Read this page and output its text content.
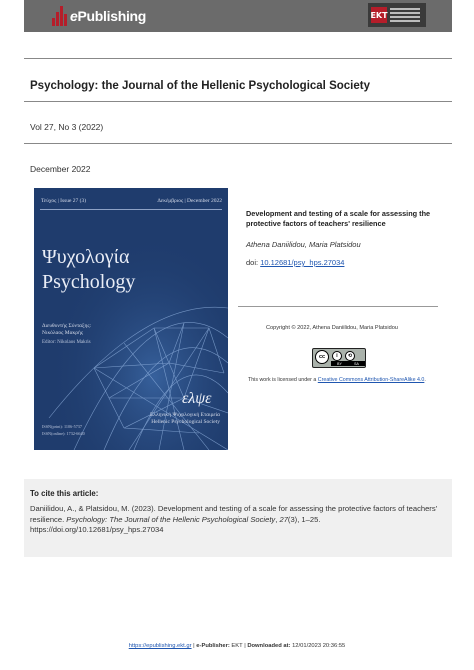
ePublishing	EKT
Psychology: the Journal of the Hellenic Psychological Society
Vol 27, No 3 (2022)
December 2022
Τεύχος | Issue 27 (3)	Δεκέμβριος | December 2022
Ψυχολογία
Psychology
Διευθυντής Σύνταξης:
Νικόλαος Μακρής
Editor: Nikolaos Makris
ελψε
Ελληνική Ψυχολογική Εταιρεία
Hellenic Psychological Society
ISSN(print): 1106-5737
ISSN(online): 1732-6640
Development and testing of a scale for assessing the protective factors of teachers' resilience
Athena Daniilidou, Maria Platsidou
doi: 10.12681/psy_hps.27034
Copyright © 2022, Athena Daniilidou, Maria Platsidou
cc	i	⟲
BY	SA
This work is licensed under a Creative Commons Attribution-ShareAlike 4.0.
To cite this article:
Daniilidou, A., & Platsidou, M. (2023). Development and testing of a scale for assessing the protective factors of teachers' resilience. Psychology: The Journal of the Hellenic Psychological Society, 27(3), 1–25. https://doi.org/10.12681/psy_hps.27034
https://epublishing.ekt.gr | e-Publisher: EKT | Downloaded at: 12/01/2023 20:36:55
